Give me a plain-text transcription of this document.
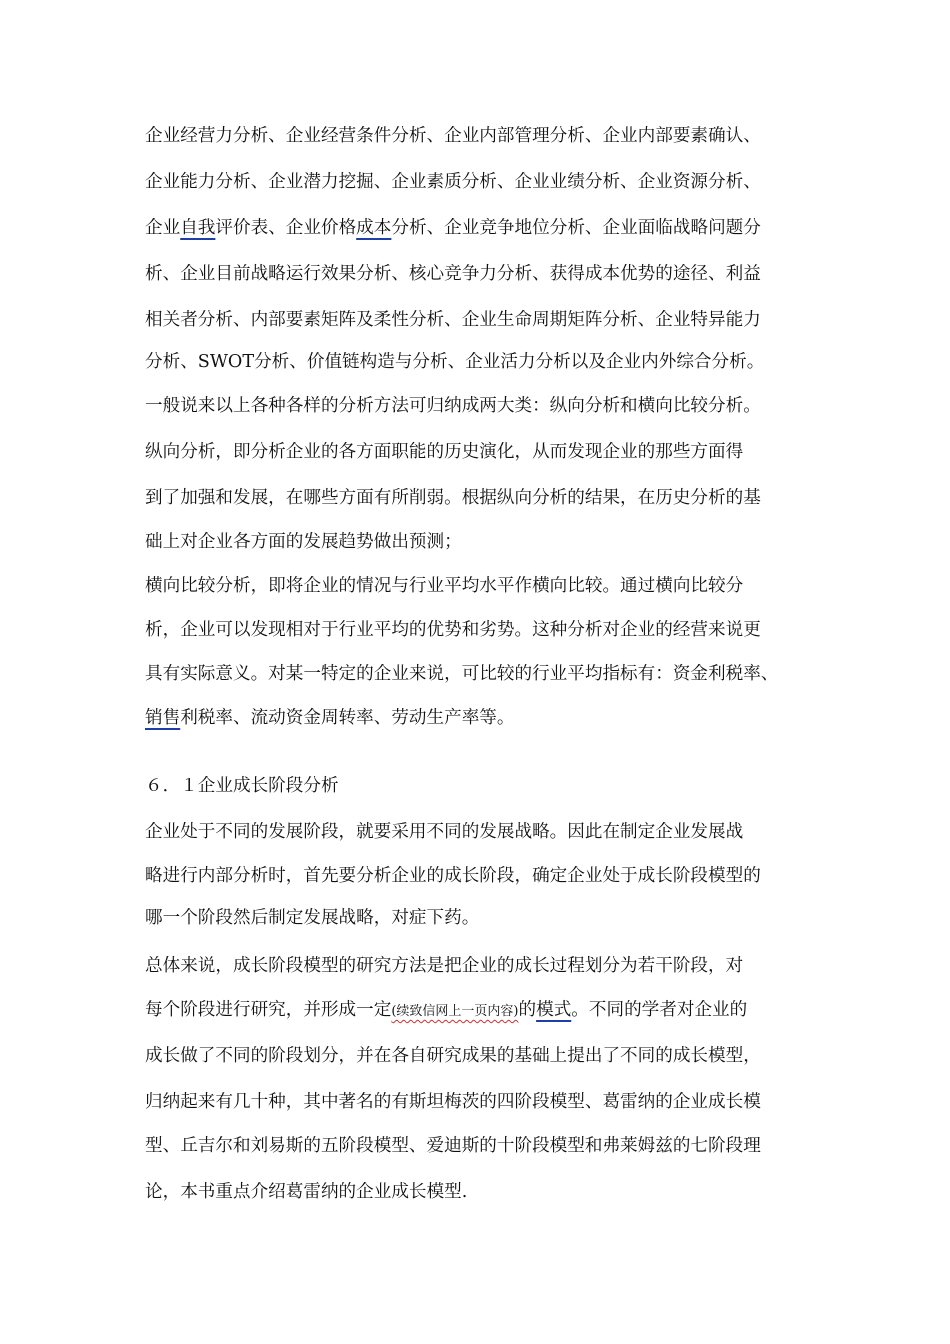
企业经营力分析、企业经营条件分析、企业内部管理分析、企业内部要素确认、
企业能力分析、企业潜力挖掘、企业素质分析、企业业绩分析、企业资源分析、
企业自我评价表、企业价格成本分析、企业竞争地位分析、企业面临战略问题分
析、企业目前战略运行效果分析、核心竞争力分析、获得成本优势的途径、利益
相关者分析、内部要素矩阵及柔性分析、企业生命周期矩阵分析、企业特异能力
分析、SWOT分析、价值链构造与分析、企业活力分析以及企业内外综合分析。
一般说来以上各种各样的分析方法可归纳成两大类：纵向分析和横向比较分析。
纵向分析，即分析企业的各方面职能的历史演化，从而发现企业的那些方面得
到了加强和发展，在哪些方面有所削弱。根据纵向分析的结果，在历史分析的基
础上对企业各方面的发展趋势做出预测；
横向比较分析，即将企业的情况与行业平均水平作横向比较。通过横向比较分
析，企业可以发现相对于行业平均的优势和劣势。这种分析对企业的经营来说更
具有实际意义。对某一特定的企业来说，可比较的行业平均指标有：资金利税率、
销售利税率、流动资金周转率、劳动生产率等。
６．１企业成长阶段分析
企业处于不同的发展阶段，就要采用不同的发展战略。因此在制定企业发展战
略进行内部分析时，首先要分析企业的成长阶段，确定企业处于成长阶段模型的
哪一个阶段然后制定发展战略，对症下药。
总体来说，成长阶段模型的研究方法是把企业的成长过程划分为若干阶段，对
每个阶段进行研究，并形成一定(续致信网上一页内容)的模式。不同的学者对企业的
成长做了不同的阶段划分，并在各自研究成果的基础上提出了不同的成长模型，
归纳起来有几十种，其中著名的有斯坦梅茨的四阶段模型、葛雷纳的企业成长模
型、丘吉尔和刘易斯的五阶段模型、爱迪斯的十阶段模型和弗莱姆兹的七阶段理
论，本书重点介绍葛雷纳的企业成长模型.
